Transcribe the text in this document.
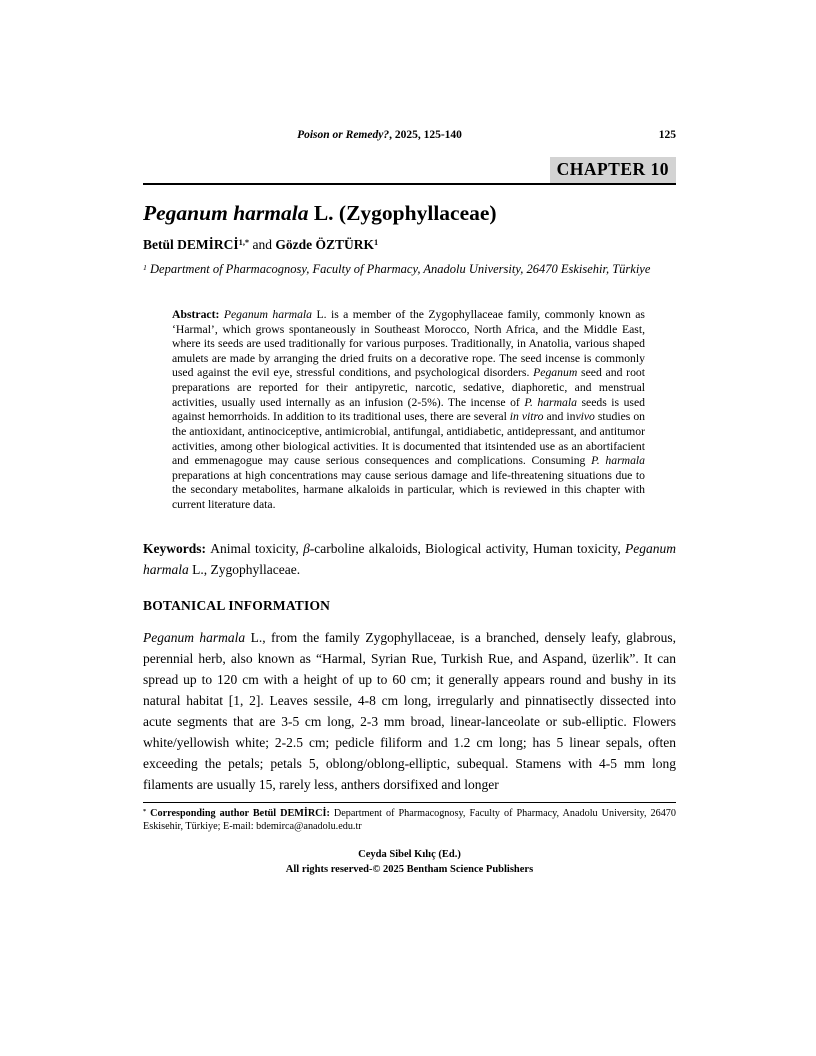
Poison or Remedy?, 2025, 125-140	125
CHAPTER 10
Peganum harmala L. (Zygophyllaceae)
Betül $DEMİRCİ^{1,*}$ and Gözde ÖZTÜRK$^1$
$^1$ Department of Pharmacognosy, Faculty of Pharmacy, Anadolu University, 26470 Eskisehir, Türkiye
Abstract: Peganum harmala L. is a member of the Zygophyllaceae family, commonly known as ‘Harmal’, which grows spontaneously in Southeast Morocco, North Africa, and the Middle East, where its seeds are used traditionally for various purposes. Traditionally, in Anatolia, various shaped amulets are made by arranging the dried fruits on a decorative rope. The seed incense is commonly used against the evil eye, stressful conditions, and psychological disorders. Peganum seed and root preparations are reported for their antipyretic, narcotic, sedative, diaphoretic, and menstrual activities, usually used internally as an infusion (2-5%). The incense of P. harmala seeds is used against hemorrhoids. In addition to its traditional uses, there are several in vitro and invivo studies on the antioxidant, antinociceptive, antimicrobial, antifungal, antidiabetic, antidepressant, and antitumor activities, among other biological activities. It is documented that itsintended use as an abortifacient and emmenagogue may cause serious consequences and complications. Consuming P. harmala preparations at high concentrations may cause serious damage and life-threatening situations due to the secondary metabolites, harmane alkaloids in particular, which is reviewed in this chapter with current literature data.
Keywords: Animal toxicity, β-carboline alkaloids, Biological activity, Human toxicity, Peganum harmala L., Zygophyllaceae.
BOTANICAL INFORMATION
Peganum harmala L., from the family Zygophyllaceae, is a branched, densely leafy, glabrous, perennial herb, also known as “Harmal, Syrian Rue, Turkish Rue, and Aspand, üzerlik”. It can spread up to 120 cm with a height of up to 60 cm; it generally appears round and bushy in its natural habitat [1, 2]. Leaves sessile, 4-8 cm long, irregularly and pinnatisectly dissected into acute segments that are 3-5 cm long, 2-3 mm broad, linear-lanceolate or sub-elliptic. Flowers white/yellowish white; 2-2.5 cm; pedicle filiform and 1.2 cm long; has 5 linear sepals, often exceeding the petals; petals 5, oblong/oblong-elliptic, subequal. Stamens with 4-5 mm long filaments are usually 15, rarely less, anthers dorsifixed and longer
* Corresponding author Betül DEMİRCİ: Department of Pharmacognosy, Faculty of Pharmacy, Anadolu University, 26470 Eskisehir, Türkiye; E-mail: bdemirca@anadolu.edu.tr
Ceyda Sibel Kılıç (Ed.)
All rights reserved-© 2025 Bentham Science Publishers
